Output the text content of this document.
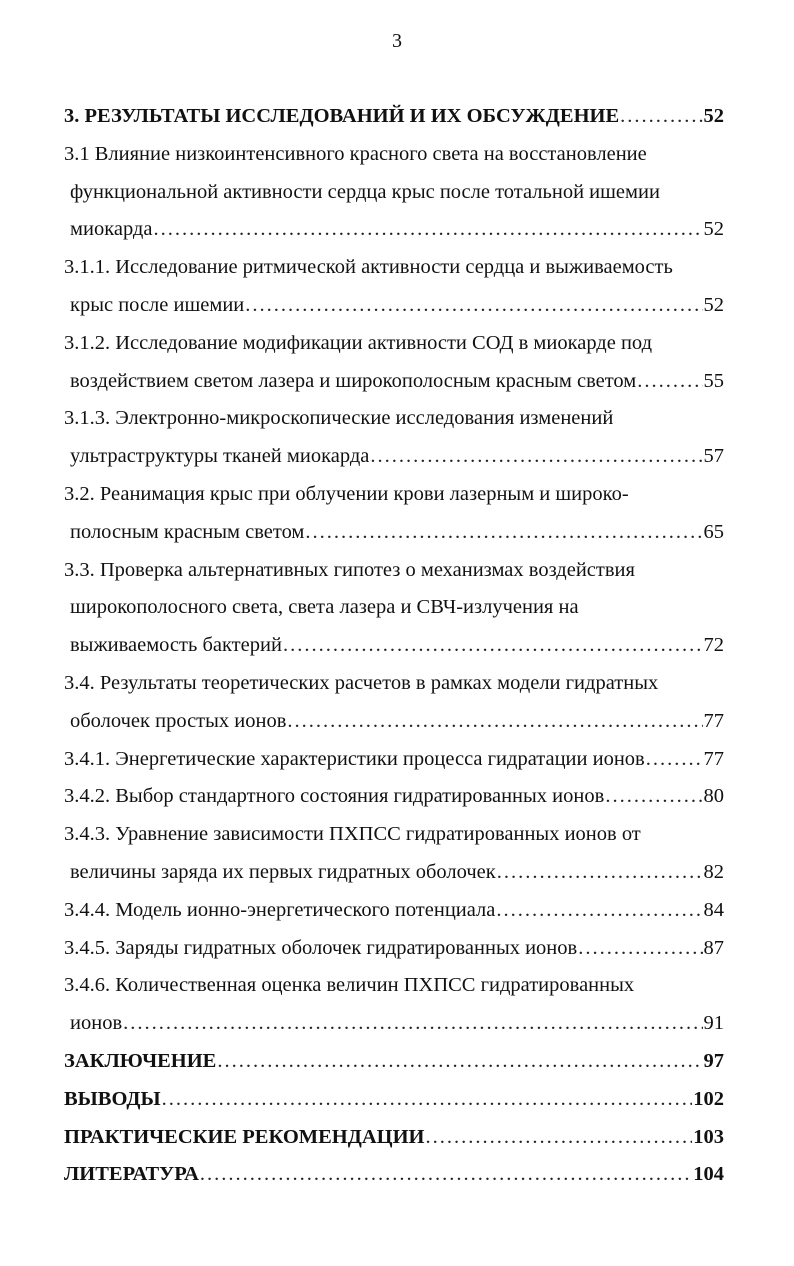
3
3. РЕЗУЛЬТАТЫ ИССЛЕДОВАНИЙ И ИХ ОБСУЖДЕНИЕ .....	52
3.1 Влияние низкоинтенсивного красного света на восстановление
функциональной активности сердца крыс после тотальной ишемии
миокарда .....	52
3.1.1. Исследование ритмической активности сердца и выживаемость
крыс после ишемии .....	52
3.1.2. Исследование модификации активности СОД в миокарде под
воздействием светом лазера и широкополосным красным светом .....	55
3.1.3. Электронно-микроскопические исследования изменений
ультраструктуры тканей миокарда .....	57
3.2. Реанимация крыс при облучении крови лазерным и широко-
полосным красным светом .....	65
3.3. Проверка альтернативных гипотез о механизмах воздействия
широкополосного света, света лазера и СВЧ-излучения на
выживаемость бактерий .....	72
3.4. Результаты теоретических расчетов в рамках модели гидратных
оболочек простых ионов .....	77
3.4.1. Энергетические характеристики процесса гидратации ионов .....	77
3.4.2. Выбор стандартного состояния гидратированных ионов .....	80
3.4.3. Уравнение зависимости ПХПСС гидратированных ионов от
величины заряда их первых гидратных оболочек .....	82
3.4.4. Модель ионно-энергетического потенциала .....	84
3.4.5. Заряды гидратных оболочек гидратированных ионов .....	87
3.4.6. Количественная оценка величин ПХПСС гидратированных
ионов .....	91
ЗАКЛЮЧЕНИЕ .....	97
ВЫВОДЫ .....	102
ПРАКТИЧЕСКИЕ РЕКОМЕНДАЦИИ .....	103
ЛИТЕРАТУРА .....	104
